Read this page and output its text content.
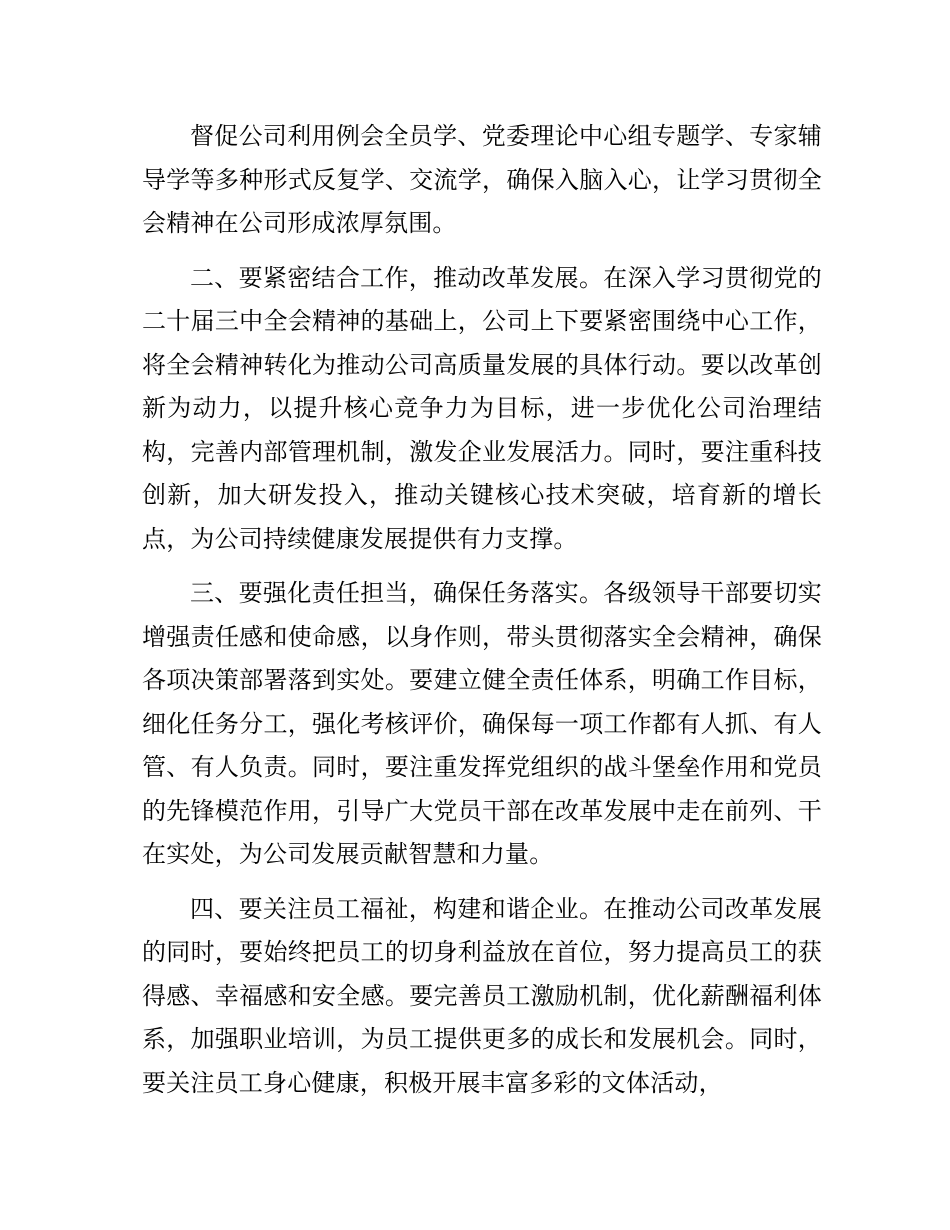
督促公司利用例会全员学、党委理论中心组专题学、专家辅导学等多种形式反复学、交流学，确保入脑入心，让学习贯彻全会精神在公司形成浓厚氛围。

二、要紧密结合工作，推动改革发展。在深入学习贯彻党的二十届三中全会精神的基础上，公司上下要紧密围绕中心工作，将全会精神转化为推动公司高质量发展的具体行动。要以改革创新为动力，以提升核心竞争力为目标，进一步优化公司治理结构，完善内部管理机制，激发企业发展活力。同时，要注重科技创新，加大研发投入，推动关键核心技术突破，培育新的增长点，为公司持续健康发展提供有力支撑。

三、要强化责任担当，确保任务落实。各级领导干部要切实增强责任感和使命感，以身作则，带头贯彻落实全会精神，确保各项决策部署落到实处。要建立健全责任体系，明确工作目标，细化任务分工，强化考核评价，确保每一项工作都有人抓、有人管、有人负责。同时，要注重发挥党组织的战斗堡垒作用和党员的先锋模范作用，引导广大党员干部在改革发展中走在前列、干在实处，为公司发展贡献智慧和力量。

四、要关注员工福祉，构建和谐企业。在推动公司改革发展的同时，要始终把员工的切身利益放在首位，努力提高员工的获得感、幸福感和安全感。要完善员工激励机制，优化薪酬福利体系，加强职业培训，为员工提供更多的成长和发展机会。同时，要关注员工身心健康，积极开展丰富多彩的文体活动，
